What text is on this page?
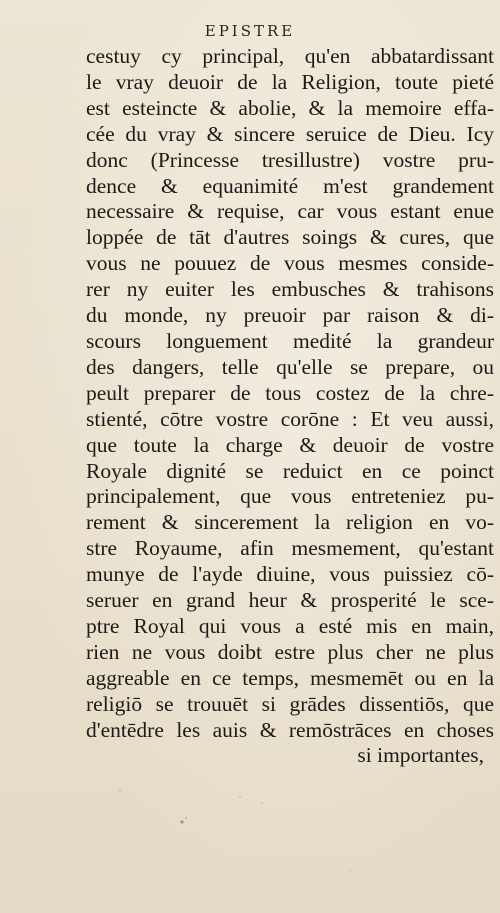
EPISTRE
cestuy cy principal, qu'en abbatardissant
le vray deuoir de la Religion, toute pieté
est esteincte & abolie, & la memoire effa-
cée du vray & sincere seruice de Dieu. Icy
donc (Princesse tresillustre) vostre pru-
dence & equanimité m'est grandement
necessaire & requise, car vous estant enue
loppée de tāt d'autres soings & cures, que
vous ne pouuez de vous mesmes conside-
rer ny euiter les embusches & trahisons
du monde, ny preuoir par raison & di-
scours longuement medité la grandeur
des dangers, telle qu'elle se prepare, ou
peult preparer de tous costez de la chre-
stienté, cōtre vostre corōne : Et veu aussi,
que toute la charge & deuoir de vostre
Royale dignité se reduict en ce poinct
principalement, que vous entreteniez pu-
rement & sincerement la religion en vo-
stre Royaume, afin mesmement, qu'estant
munye de l'ayde diuine, vous puissiez cō-
seruer en grand heur & prosperité le sce-
ptre Royal qui vous a esté mis en main,
rien ne vous doibt estre plus cher ne plus
aggreable en ce temps, mesmemēt ou en la
religiō se trouuēt si grādes dissentiōs, que
d'entēdre les auis & remōstrāces en choses
si importantes,
